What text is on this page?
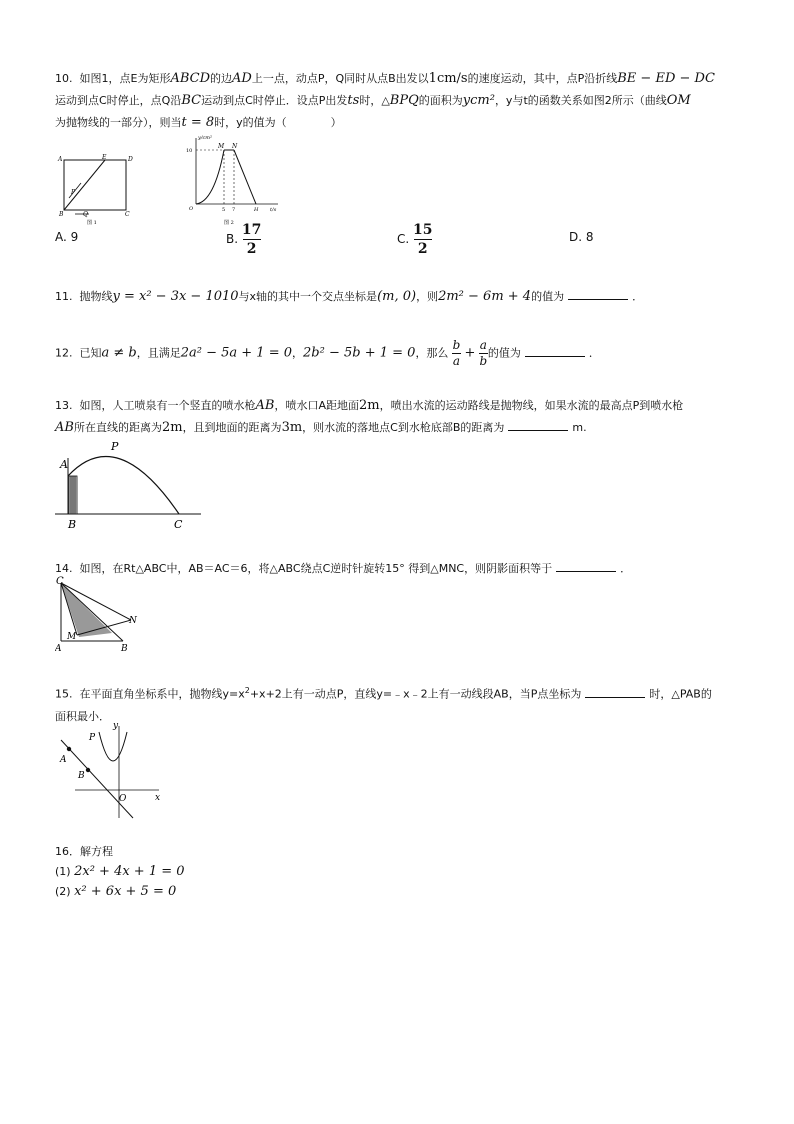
10. 如图1，点E为矩形ABCD的边AD上一点，动点P，Q同时从点B出发以1cm/s的速度运动，其中，点P沿折线BE − ED − DC
运动到点C时停止，点Q沿BC运动到点C时停止．设点P出发ts时，△BPQ的面积为ycm²，y与t的函数关系如图2所示（曲线OM
为抛物线的一部分），则当t = 8时，y的值为（　　　　）
A	E	D
B	Q	C
P
图 1
y/cm²
10
M N
O	5 7	H t/s
图 2
A. 9	B. $\frac{17}{2}$	C. $\frac{15}{2}$	D. 8
11. 抛物线y = x² − 3x − 1010与x轴的其中一个交点坐标是(m, 0)，则2m² − 6m + 4的值为	．
12. 已知a ≠ b，且满足2a² − 5a + 1 = 0，2b² − 5b + 1 = 0，那么 $\frac{b}{a} + \frac{a}{b}$ 的值为	．
13. 如图，人工喷泉有一个竖直的喷水枪AB，喷水口A距地面2m，喷出水流的运动路线是抛物线，如果水流的最高点P到喷水枪
AB所在直线的距离为2m，且到地面的距离为3m，则水流的落地点C到水枪底部B的距离为	m.
A
P
B	C
14. 如图，在Rt△ABC中，AB＝AC＝6，将△ABC绕点C逆时针旋转15° 得到△MNC，则阴影面积等于	．
C
N
M
A	B
15. 在平面直角坐标系中，抛物线$y=x^2+x+2$上有一动点P，直线y=﹣x﹣2上有一动线段AB，当P点坐标为	时，△PAB的
面积最小．
y
P
A
B
O	x
16．解方程
(1) 2x² + 4x + 1 = 0
(2) x² + 6x + 5 = 0
